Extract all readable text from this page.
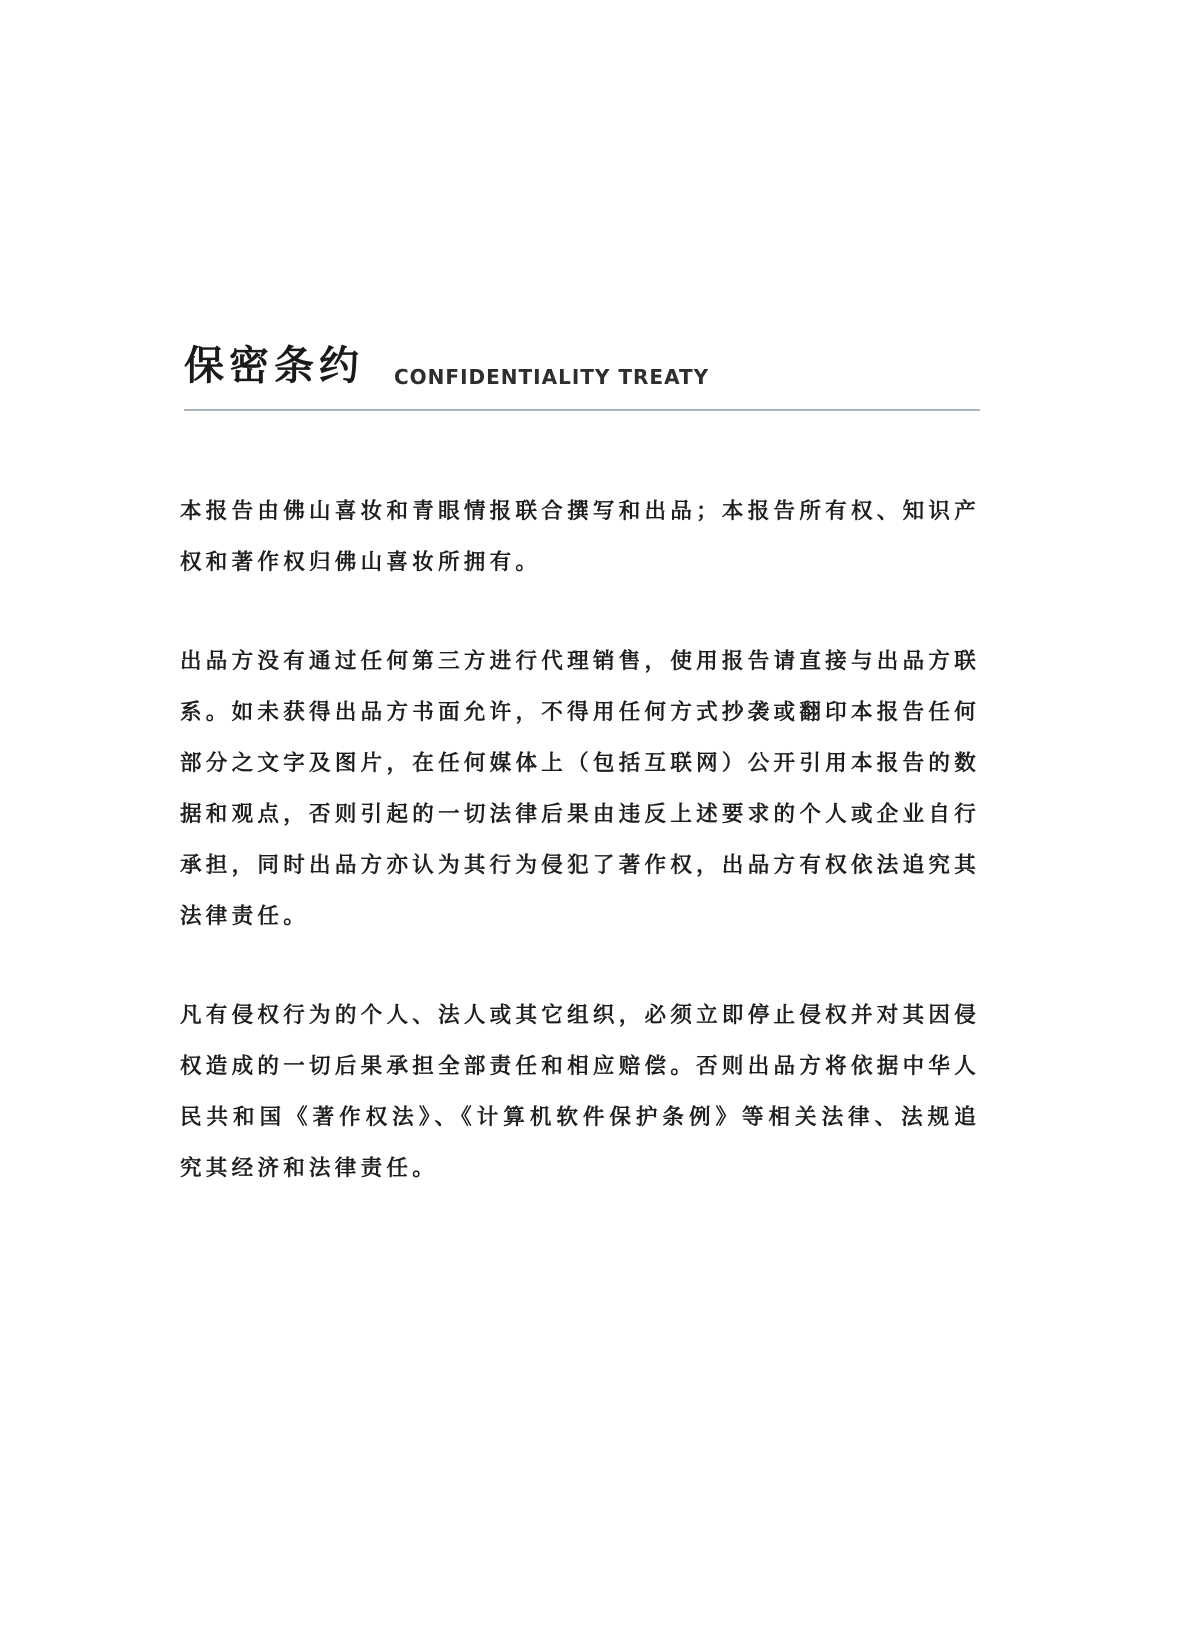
保密条约 CONFIDENTIALITY TREATY

本报告由佛山喜妆和青眼情报联合撰写和出品；本报告所有权、知识产权和著作权归佛山喜妆所拥有。

出品方没有通过任何第三方进行代理销售，使用报告请直接与出品方联系。如未获得出品方书面允许，不得用任何方式抄袭或翻印本报告任何部分之文字及图片，在任何媒体上（包括互联网）公开引用本报告的数据和观点，否则引起的一切法律后果由违反上述要求的个人或企业自行承担，同时出品方亦认为其行为侵犯了著作权，出品方有权依法追究其法律责任。

凡有侵权行为的个人、法人或其它组织，必须立即停止侵权并对其因侵权造成的一切后果承担全部责任和相应赔偿。否则出品方将依据中华人民共和国《著作权法》、《计算机软件保护条例》等相关法律、法规追究其经济和法律责任。
